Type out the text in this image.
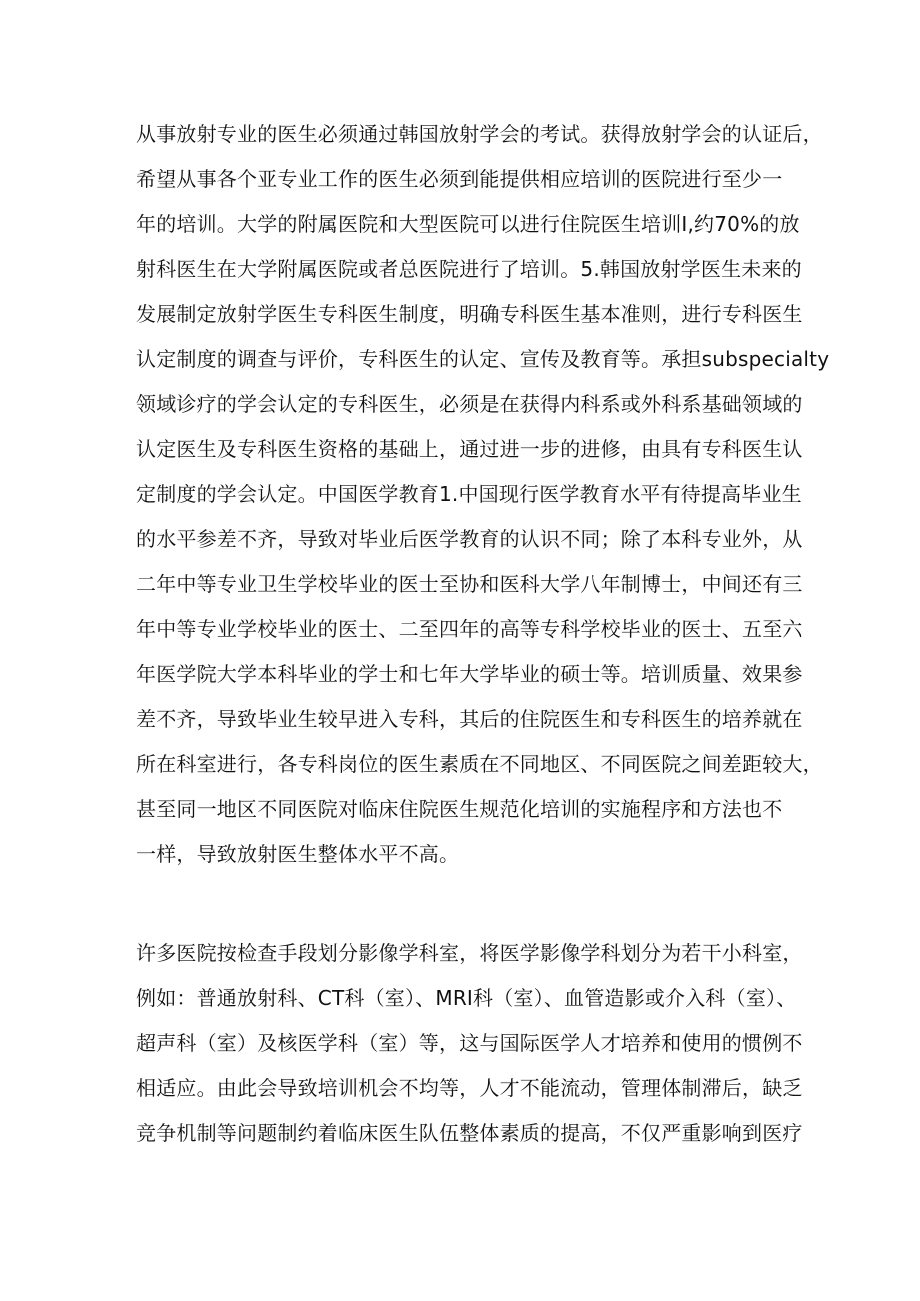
从事放射专业的医生必须通过韩国放射学会的考试。获得放射学会的认证后，
希望从事各个亚专业工作的医生必须到能提供相应培训的医院进行至少一
年的培训。大学的附属医院和大型医院可以进行住院医生培训I,约70%的放
射科医生在大学附属医院或者总医院进行了培训。5.韩国放射学医生未来的
发展制定放射学医生专科医生制度，明确专科医生基本准则，进行专科医生
认定制度的调查与评价，专科医生的认定、宣传及教育等。承担subspecialty
领域诊疗的学会认定的专科医生，必须是在获得内科系或外科系基础领域的
认定医生及专科医生资格的基础上，通过进一步的进修，由具有专科医生认
定制度的学会认定。中国医学教育1.中国现行医学教育水平有待提高毕业生
的水平参差不齐，导致对毕业后医学教育的认识不同；除了本科专业外，从
二年中等专业卫生学校毕业的医士至协和医科大学八年制博士，中间还有三
年中等专业学校毕业的医士、二至四年的高等专科学校毕业的医士、五至六
年医学院大学本科毕业的学士和七年大学毕业的硕士等。培训质量、效果参
差不齐，导致毕业生较早进入专科，其后的住院医生和专科医生的培养就在
所在科室进行，各专科岗位的医生素质在不同地区、不同医院之间差距较大，
甚至同一地区不同医院对临床住院医生规范化培训的实施程序和方法也不
一样，导致放射医生整体水平不高。
许多医院按检查手段划分影像学科室，将医学影像学科划分为若干小科室，
例如：普通放射科、CT科（室）、MRI科（室）、血管造影或介入科（室）、
超声科（室）及核医学科（室）等，这与国际医学人才培养和使用的惯例不
相适应。由此会导致培训机会不均等，人才不能流动，管理体制滞后，缺乏
竞争机制等问题制约着临床医生队伍整体素质的提高，不仅严重影响到医疗
